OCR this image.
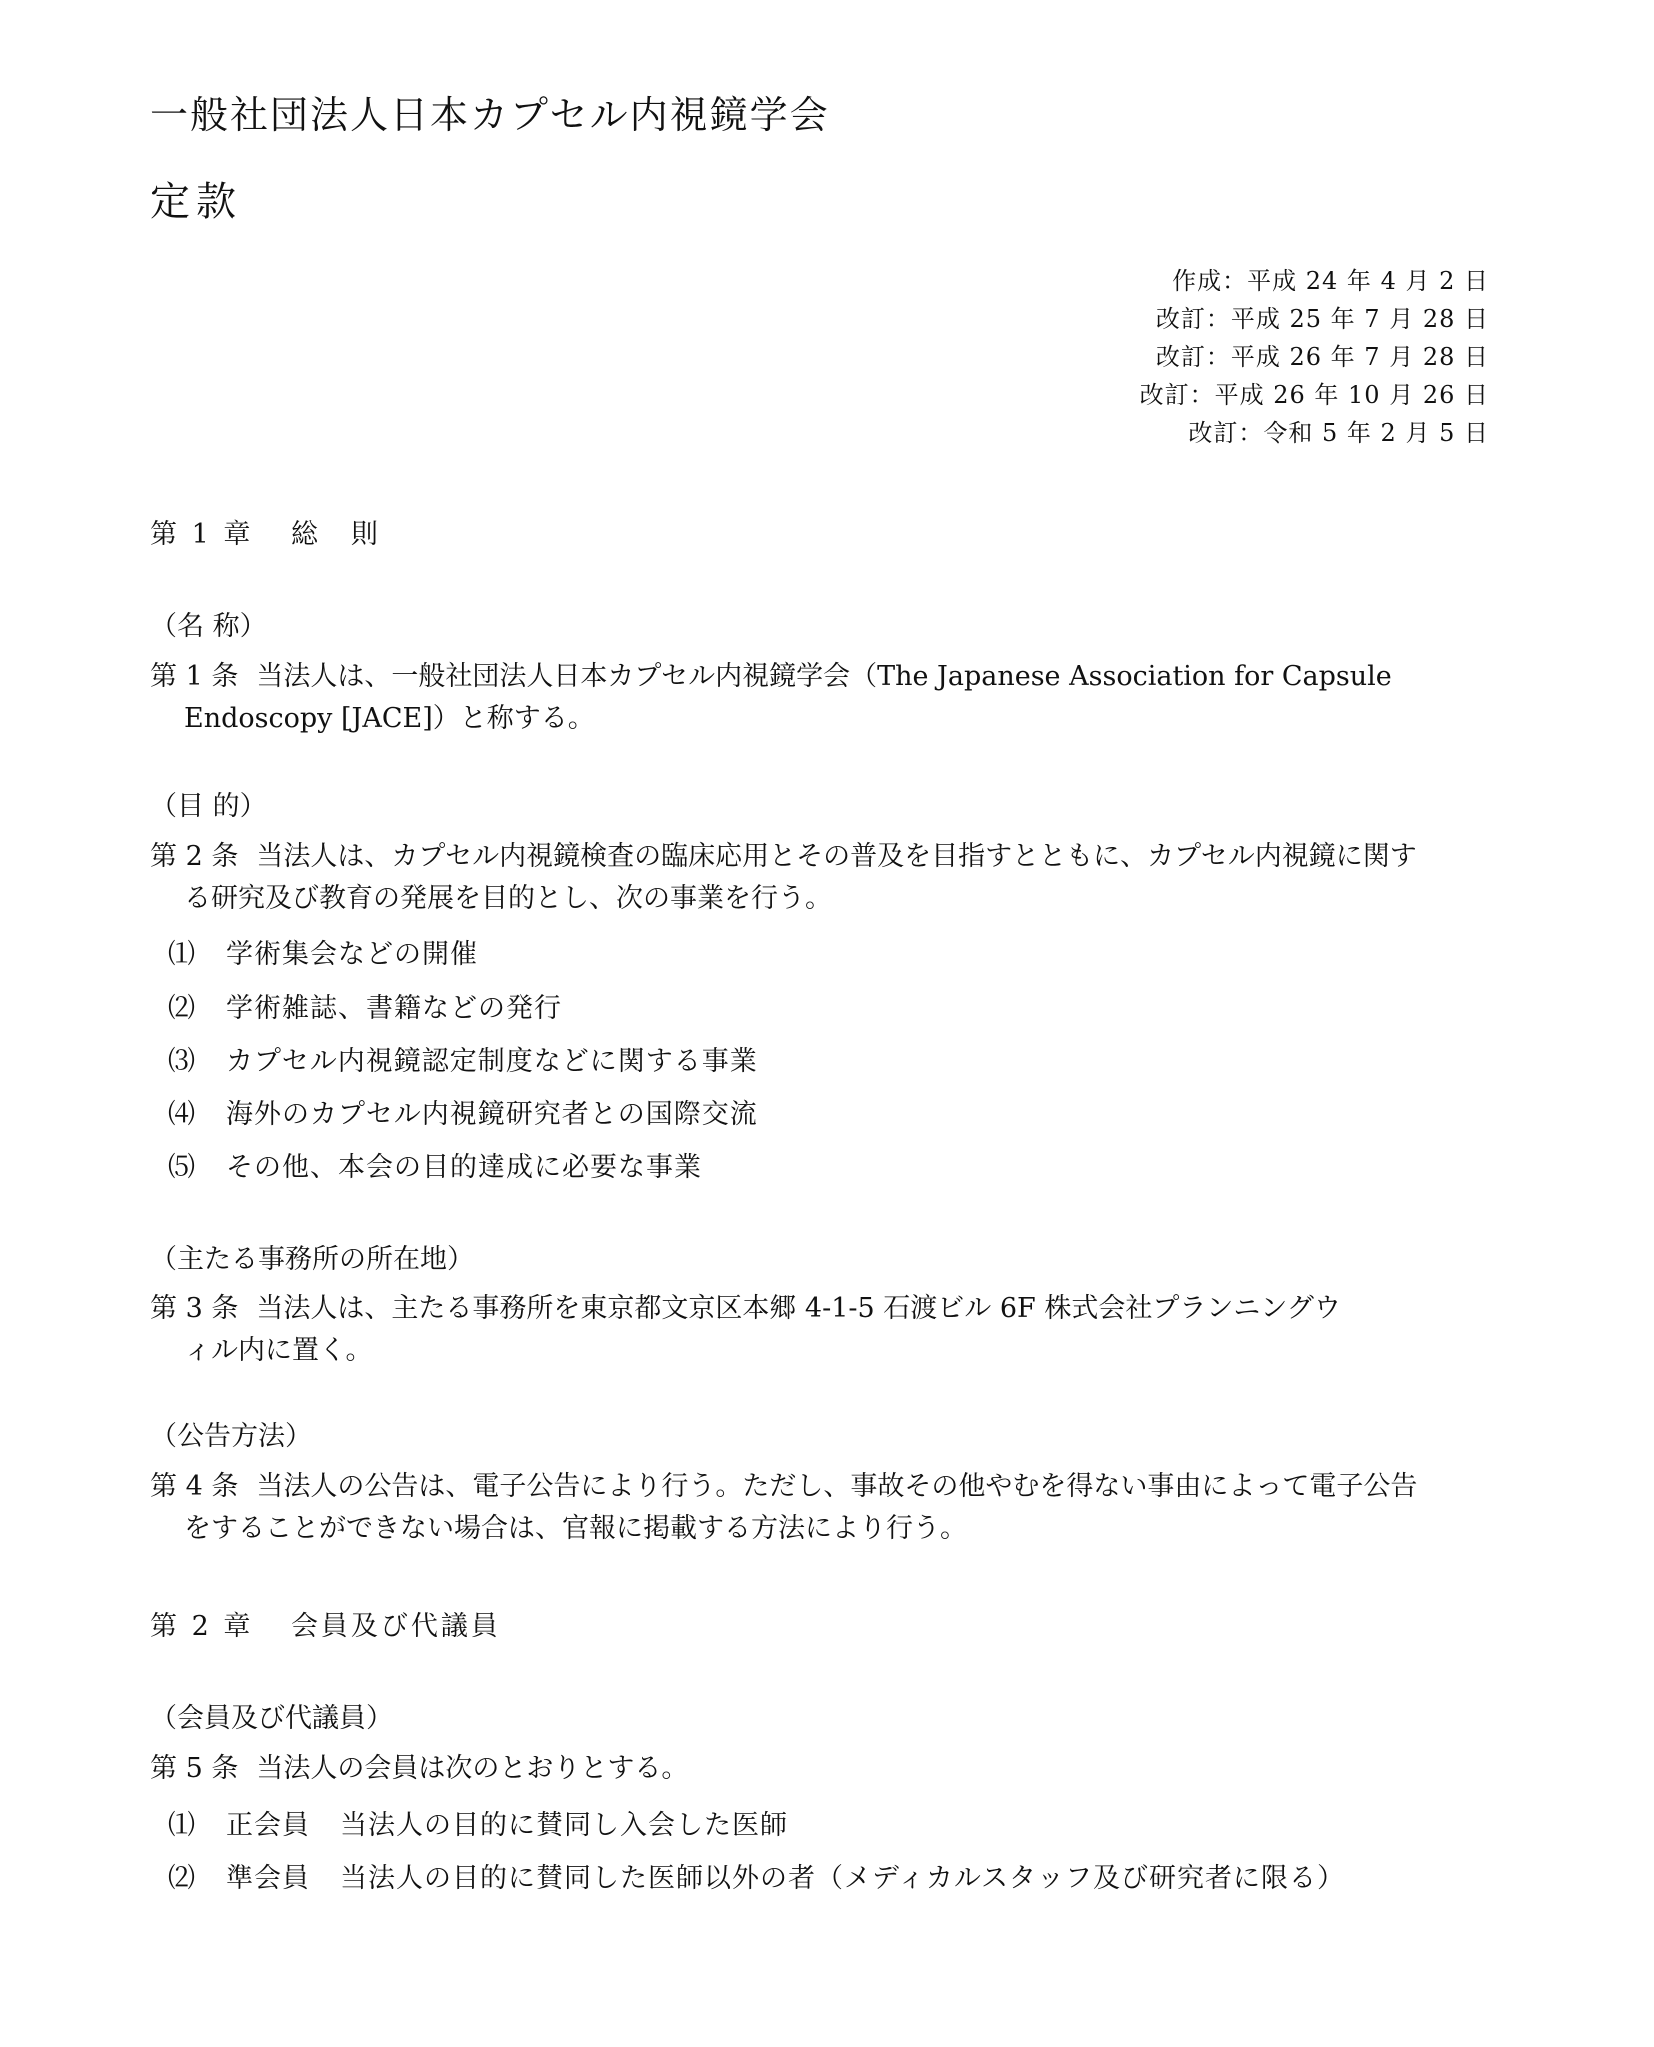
一般社団法人日本カプセル内視鏡学会
定款
作成：平成 24 年 4 月 2 日
改訂：平成 25 年 7 月 28 日
改訂：平成 26 年 7 月 28 日
改訂：平成 26 年 10 月 26 日
改訂：令和 5 年 2 月 5 日
第 1 章 総　則
（名 称）
第 1 条 当法人は、一般社団法人日本カプセル内視鏡学会（The Japanese Association for Capsule
Endoscopy [JACE]）と称する。
（目 的）
第 2 条 当法人は、カプセル内視鏡検査の臨床応用とその普及を目指すとともに、カプセル内視鏡に関す
る研究及び教育の発展を目的とし、次の事業を行う。
⑴ 学術集会などの開催
⑵ 学術雑誌、書籍などの発行
⑶ カプセル内視鏡認定制度などに関する事業
⑷ 海外のカプセル内視鏡研究者との国際交流
⑸ その他、本会の目的達成に必要な事業
（主たる事務所の所在地）
第 3 条 当法人は、主たる事務所を東京都文京区本郷 4-1-5 石渡ビル 6F 株式会社プランニングウ
ィル内に置く。
（公告方法）
第 4 条 当法人の公告は、電子公告により行う。ただし、事故その他やむを得ない事由によって電子公告
をすることができない場合は、官報に掲載する方法により行う。
第 2 章 会員及び代議員
（会員及び代議員）
第 5 条 当法人の会員は次のとおりとする。
⑴ 正会員 当法人の目的に賛同し入会した医師
⑵ 準会員 当法人の目的に賛同した医師以外の者（メディカルスタッフ及び研究者に限る）
